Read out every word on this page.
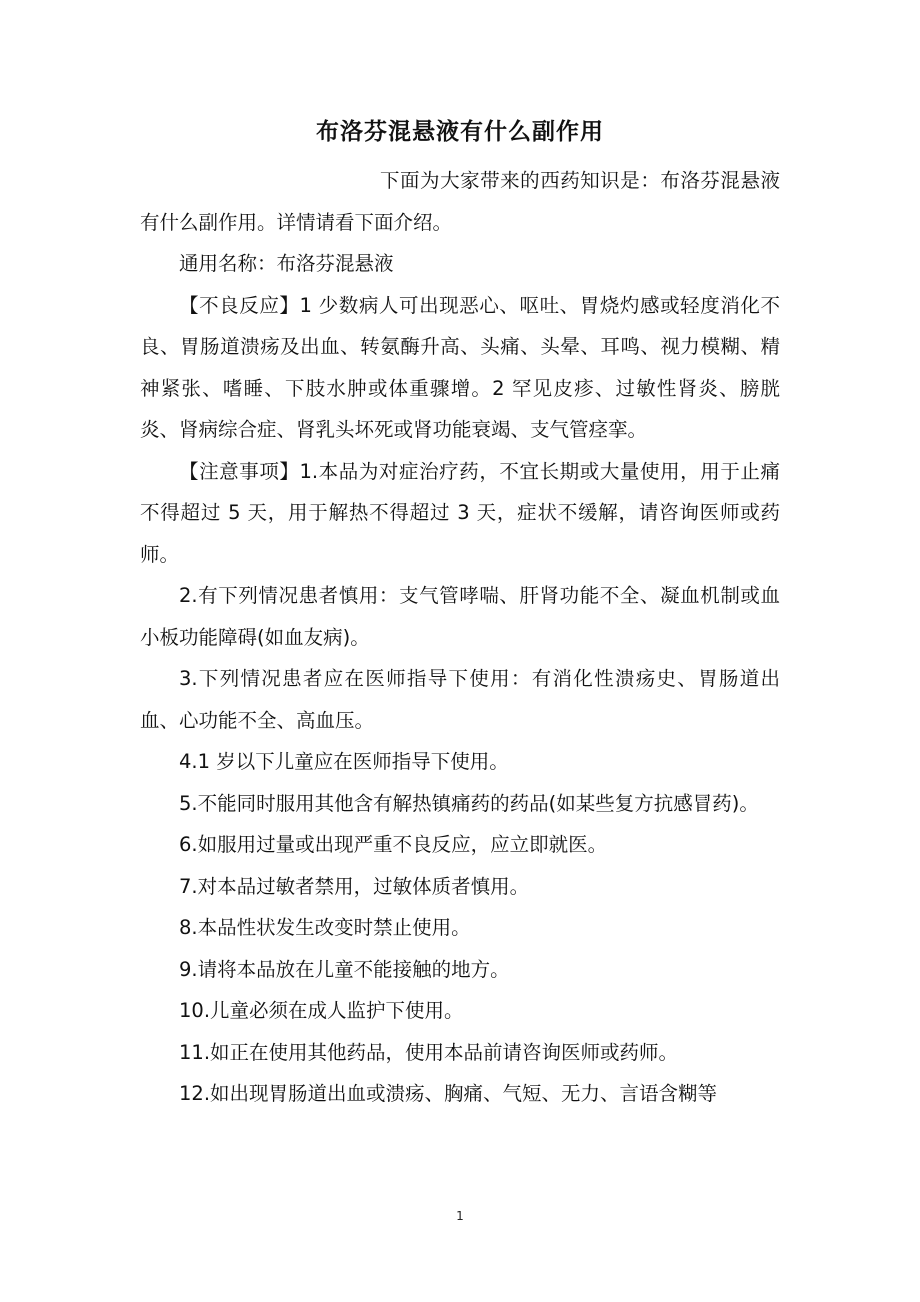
布洛芬混悬液有什么副作用

下面为大家带来的西药知识是：布洛芬混悬液有什么副作用。详情请看下面介绍。

通用名称：布洛芬混悬液

【不良反应】1 少数病人可出现恶心、呕吐、胃烧灼感或轻度消化不良、胃肠道溃疡及出血、转氨酶升高、头痛、头晕、耳鸣、视力模糊、精神紧张、嗜睡、下肢水肿或体重骤增。2 罕见皮疹、过敏性肾炎、膀胱炎、肾病综合症、肾乳头坏死或肾功能衰竭、支气管痉挛。

【注意事项】1.本品为对症治疗药，不宜长期或大量使用，用于止痛不得超过 5 天，用于解热不得超过 3 天，症状不缓解，请咨询医师或药师。

2.有下列情况患者慎用：支气管哮喘、肝肾功能不全、凝血机制或血小板功能障碍(如血友病)。

3.下列情况患者应在医师指导下使用：有消化性溃疡史、胃肠道出血、心功能不全、高血压。

4.1 岁以下儿童应在医师指导下使用。

5.不能同时服用其他含有解热镇痛药的药品(如某些复方抗感冒药)。

6.如服用过量或出现严重不良反应，应立即就医。

7.对本品过敏者禁用，过敏体质者慎用。

8.本品性状发生改变时禁止使用。

9.请将本品放在儿童不能接触的地方。

10.儿童必须在成人监护下使用。

11.如正在使用其他药品，使用本品前请咨询医师或药师。

12.如出现胃肠道出血或溃疡、胸痛、气短、无力、言语含糊等

1
